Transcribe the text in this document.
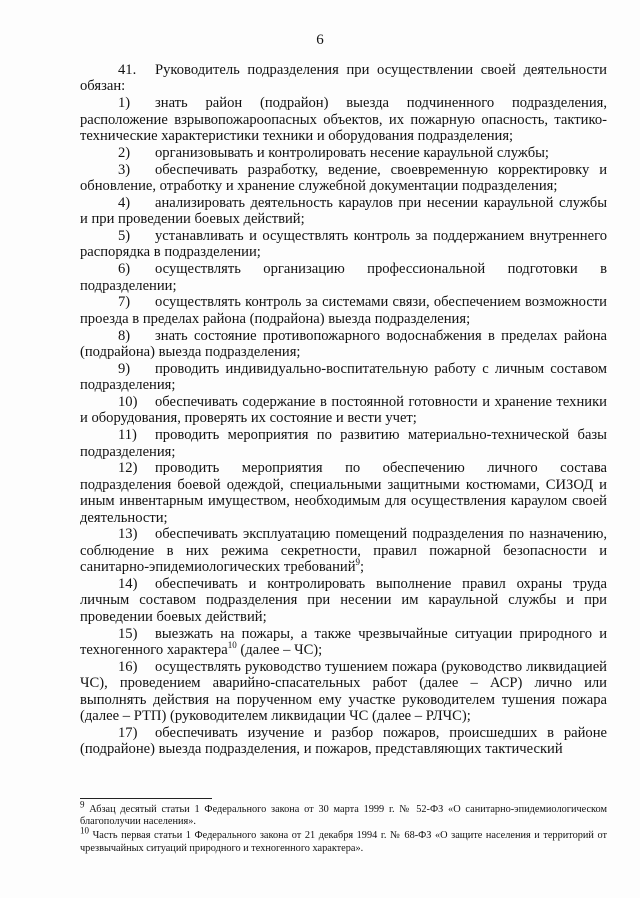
6

41. Руководитель подразделения при осуществлении своей деятельности обязан:

1) знать район (подрайон) выезда подчиненного подразделения, расположение взрывопожароопасных объектов, их пожарную опасность, тактико-технические характеристики техники и оборудования подразделения;

2) организовывать и контролировать несение караульной службы;

3) обеспечивать разработку, ведение, своевременную корректировку и обновление, отработку и хранение служебной документации подразделения;

4) анализировать деятельность караулов при несении караульной службы и при проведении боевых действий;

5) устанавливать и осуществлять контроль за поддержанием внутреннего распорядка в подразделении;

6) осуществлять организацию профессиональной подготовки в подразделении;

7) осуществлять контроль за системами связи, обеспечением возможности проезда в пределах района (подрайона) выезда подразделения;

8) знать состояние противопожарного водоснабжения в пределах района (подрайона) выезда подразделения;

9) проводить индивидуально-воспитательную работу с личным составом подразделения;

10) обеспечивать содержание в постоянной готовности и хранение техники и оборудования, проверять их состояние и вести учет;

11) проводить мероприятия по развитию материально-технической базы подразделения;

12) проводить мероприятия по обеспечению личного состава подразделения боевой одеждой, специальными защитными костюмами, СИЗОД и иным инвентарным имуществом, необходимым для осуществления караулом своей деятельности;

13) обеспечивать эксплуатацию помещений подразделения по назначению, соблюдение в них режима секретности, правил пожарной безопасности и санитарно-эпидемиологических требований$^9$;

14) обеспечивать и контролировать выполнение правил охраны труда личным составом подразделения при несении им караульной службы и при проведении боевых действий;

15) выезжать на пожары, а также чрезвычайные ситуации природного и техногенного характера$^{10}$ (далее – ЧС);

16) осуществлять руководство тушением пожара (руководство ликвидацией ЧС), проведением аварийно-спасательных работ (далее – АСР) лично или выполнять действия на порученном ему участке руководителем тушения пожара (далее – РТП) (руководителем ликвидации ЧС (далее – РЛЧС);

17) обеспечивать изучение и разбор пожаров, происшедших в районе (подрайоне) выезда подразделения, и пожаров, представляющих тактический

$^9$ Абзац десятый статьи 1 Федерального закона от 30 марта 1999 г. № 52-ФЗ «О санитарно-эпидемиологическом благополучии населения».

$^{10}$ Часть первая статьи 1 Федерального закона от 21 декабря 1994 г. № 68-ФЗ «О защите населения и территорий от чрезвычайных ситуаций природного и техногенного характера».
